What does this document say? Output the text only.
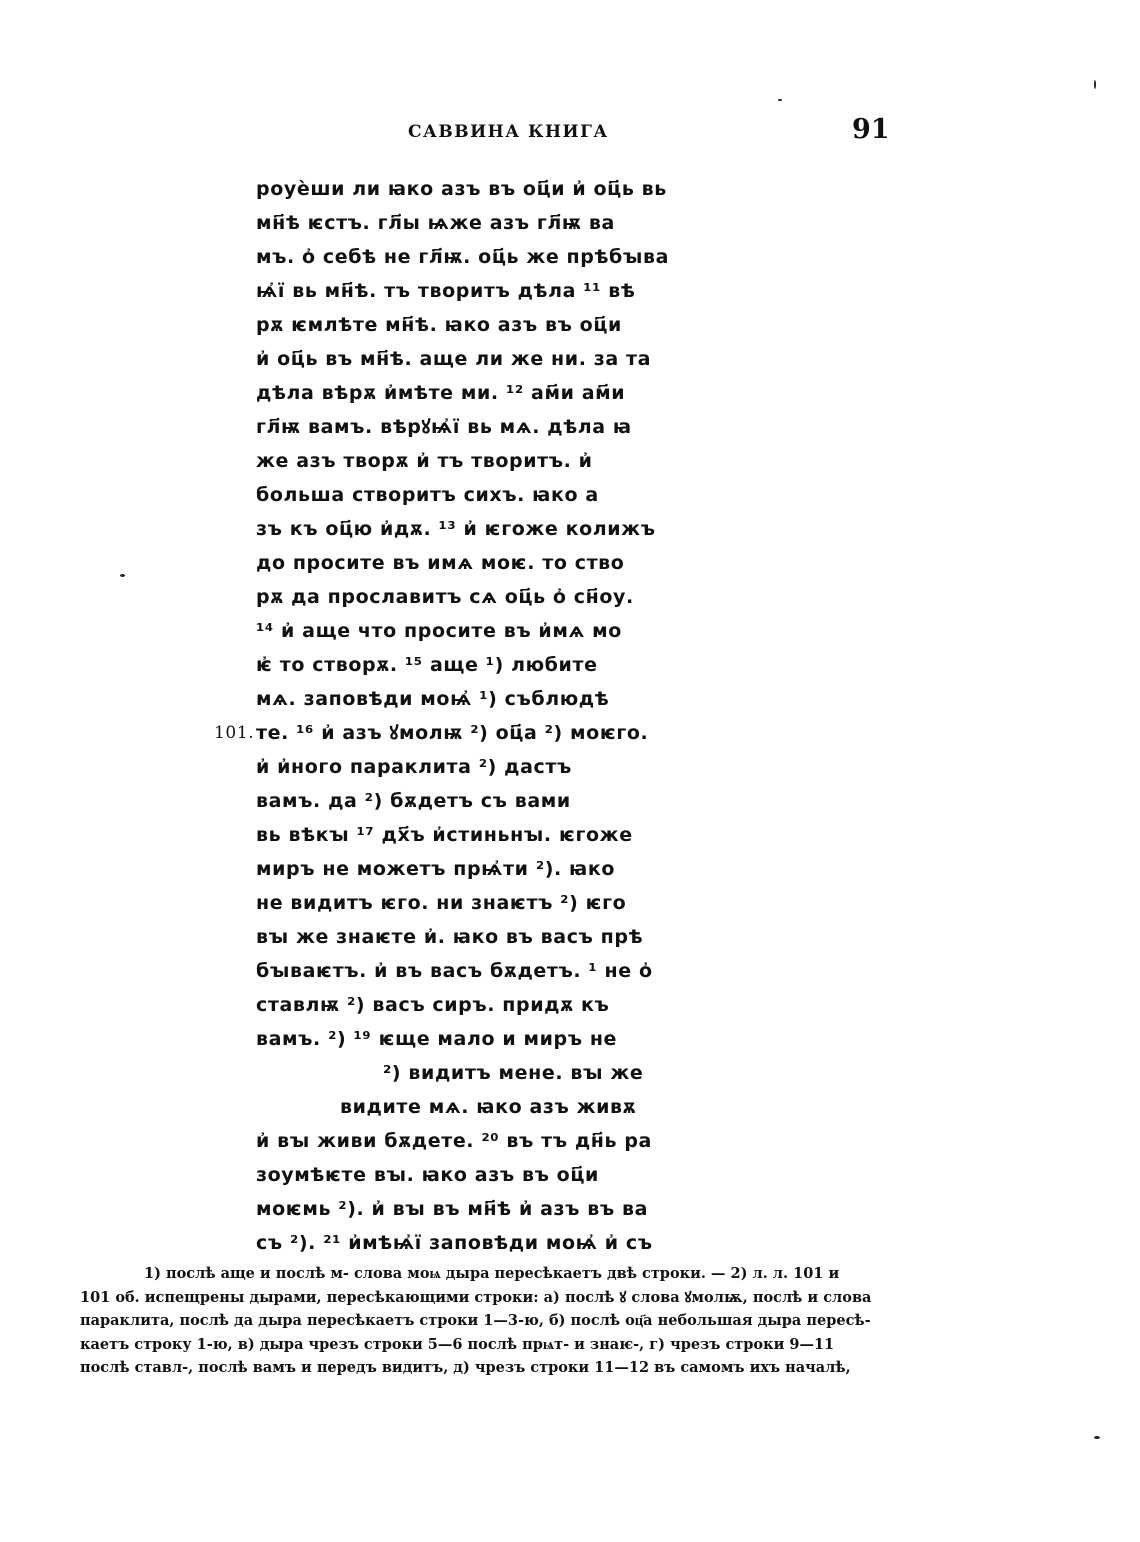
САВВИНА КНИГА	91
роуѐши ли ꙗко азъ въ оц҃и и҆ оц҃ь вь
мн҃ѣ ѥстъ. гл҃ы ѩже азъ гл҃ѭ ва
мъ. о҆ себѣ не гл҃ѭ. оц҃ь же прѣбꙑва
ѩ҆ї вь мн҃ѣ. тъ творитъ дѣла ¹¹ вѣ
рѫ ѥмлѣте мн҃ѣ. ꙗко азъ въ оц҃и
и҆ оц҃ь въ мн҃ѣ. аще ли же ни. за та
дѣла вѣрѫ и҆мѣте ми. ¹² ам҃и ам҃и
гл҃ѭ вамъ. вѣрꙋѩ҆ї вь мѧ. дѣла ꙗ
же азъ творѫ и҆ тъ творитъ. и҆
больша створитъ сихъ. ꙗко а
зъ къ оц҃ю и҆дѫ. ¹³ и҆ ѥгоже колижъ
до просите въ имѧ моѥ. то ство
рѫ да прославитъ сѧ оц҃ь о҆ сн҃оу.
¹⁴ и҆ аще что просите въ и҆мѧ мо
ѥ҆ то створѫ. ¹⁵ аще ¹) любите
мѧ. заповѣди моѩ҆ ¹) съблюдѣ
101. те. ¹⁶ и҆ азъ ꙋмолѭ ²) оц҃а ²) моѥго.
и҆ и҆ного параклита ²) дастъ
вамъ. да ²) бѫдетъ съ вами
вь вѣкꙑ ¹⁷ дх҃ъ и҆стиньнꙑ. ѥгоже
миръ не можетъ прѩ҆ти ²). ꙗко
не видитъ ѥго. ни знаѥтъ ²) ѥго
вꙑ же знаѥте и҆. ꙗко въ васъ прѣ
бꙑваѥтъ. и҆ въ васъ бѫдетъ. ¹ не о҆
ставлѭ ²) васъ сиръ. придѫ къ
вамъ. ²) ¹⁹ ѥще мало и миръ не
²) видитъ мене. вꙑ же
видите мѧ. ꙗко азъ живѫ
и҆ вꙑ живи бѫдете. ²⁰ въ тъ дн҃ь ра
зоумѣѥте вꙑ. ꙗко азъ въ оц҃и
моѥмь ²). и҆ вꙑ въ мн҃ѣ и҆ азъ въ ва
съ ²). ²¹ и҆мѣѩ҆ї заповѣди моѩ҆ и҆ съ
1) послѣ аще и послѣ м- слова моѩ дыра пересѣкаетъ двѣ строки. — 2) л. л. 101 и
101 об. испещрены дырами, пересѣкающими строки: а) послѣ ꙋ слова ꙋмолѭ, послѣ и слова
параклита, послѣ да дыра пересѣкаетъ строки 1—3-ю, б) послѣ оц҃а небольшая дыра пересѣ-
каетъ строку 1-ю, в) дыра чрезъ строки 5—6 послѣ прѩт- и знаѥ-, г) чрезъ строки 9—11
послѣ ставл-, послѣ вамъ и передъ видитъ, д) чрезъ строки 11—12 въ самомъ ихъ началѣ,
